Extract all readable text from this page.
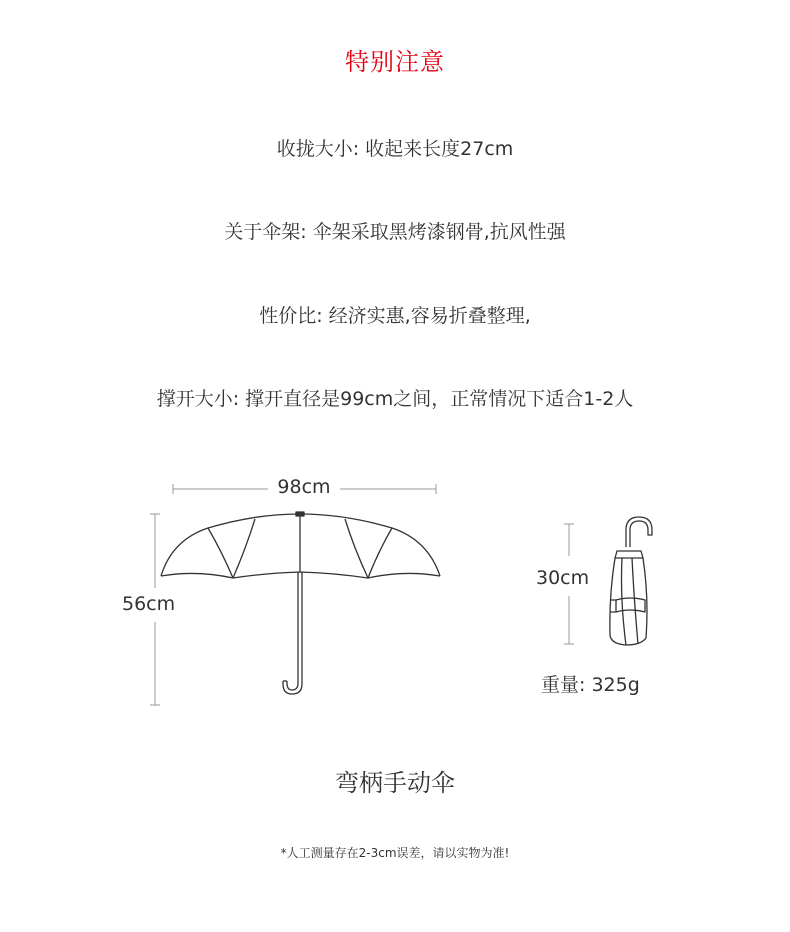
特别注意
收拢大小: 收起来长度27cm
关于伞架: 伞架采取黑烤漆钢骨,抗风性强
性价比: 经济实惠,容易折叠整理,
撑开大小: 撑开直径是99cm之间，正常情况下适合1-2人
98cm
56cm
30cm
重量: 325g
弯柄手动伞
*人工测量存在2-3cm误差，请以实物为准!
